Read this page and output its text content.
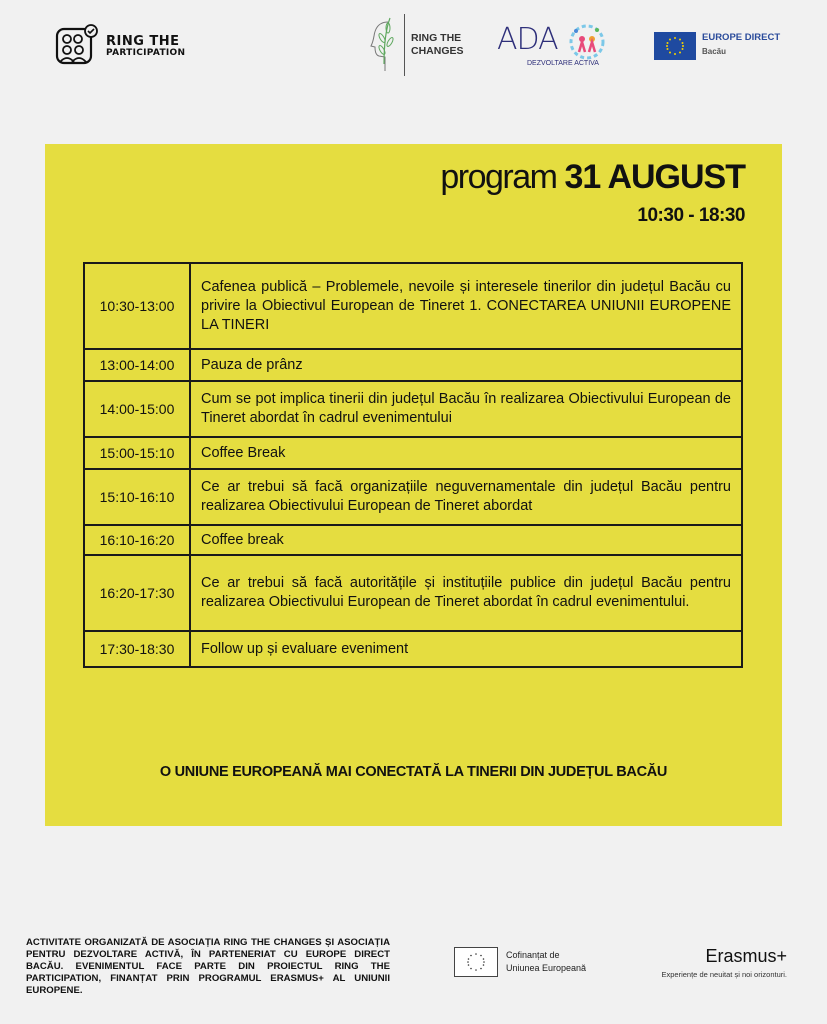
RING THE
PARTICIPATION
RING THE
CHANGES ADA
DEZVOLTARE ACTIVA
EUROPE DIRECT
Bacău
program 31 AUGUST
10:30 - 18:30
10:30-13:00	Cafenea publică – Problemele, nevoile și interesele tinerilor din județul Bacău cu privire la Obiectivul European de Tineret 1. CONECTAREA UNIUNII EUROPENE LA TINERI
13:00-14:00	Pauza de prânz
14:00-15:00	Cum se pot implica tinerii din județul Bacău în realizarea Obiectivului European de Tineret abordat în cadrul evenimentului
15:00-15:10	Coffee Break
15:10-16:10	Ce ar trebui să facă organizațiile neguvernamentale din județul Bacău pentru realizarea Obiectivului European de Tineret abordat
16:10-16:20	Coffee break
16:20-17:30	Ce ar trebui să facă autoritățile și instituțiile publice din județul Bacău pentru realizarea Obiectivului European de Tineret abordat în cadrul evenimentului.
17:30-18:30	Follow up și evaluare eveniment
O UNIUNE EUROPEANĂ MAI CONECTATĂ LA TINERII DIN JUDEȚUL BACĂU
ACTIVITATE ORGANIZATĂ DE ASOCIAȚIA RING THE CHANGES ȘI ASOCIAȚIA PENTRU DEZVOLTARE ACTIVĂ, ÎN PARTENERIAT CU EUROPE DIRECT BACĂU. EVENIMENTUL FACE PARTE DIN PROIECTUL RING THE PARTICIPATION, FINANȚAT PRIN PROGRAMUL ERASMUS+ AL UNIUNII EUROPENE.
Cofinanțat de
Uniunea Europeană
Erasmus+
Experiențe de neuitat și noi orizonturi.
